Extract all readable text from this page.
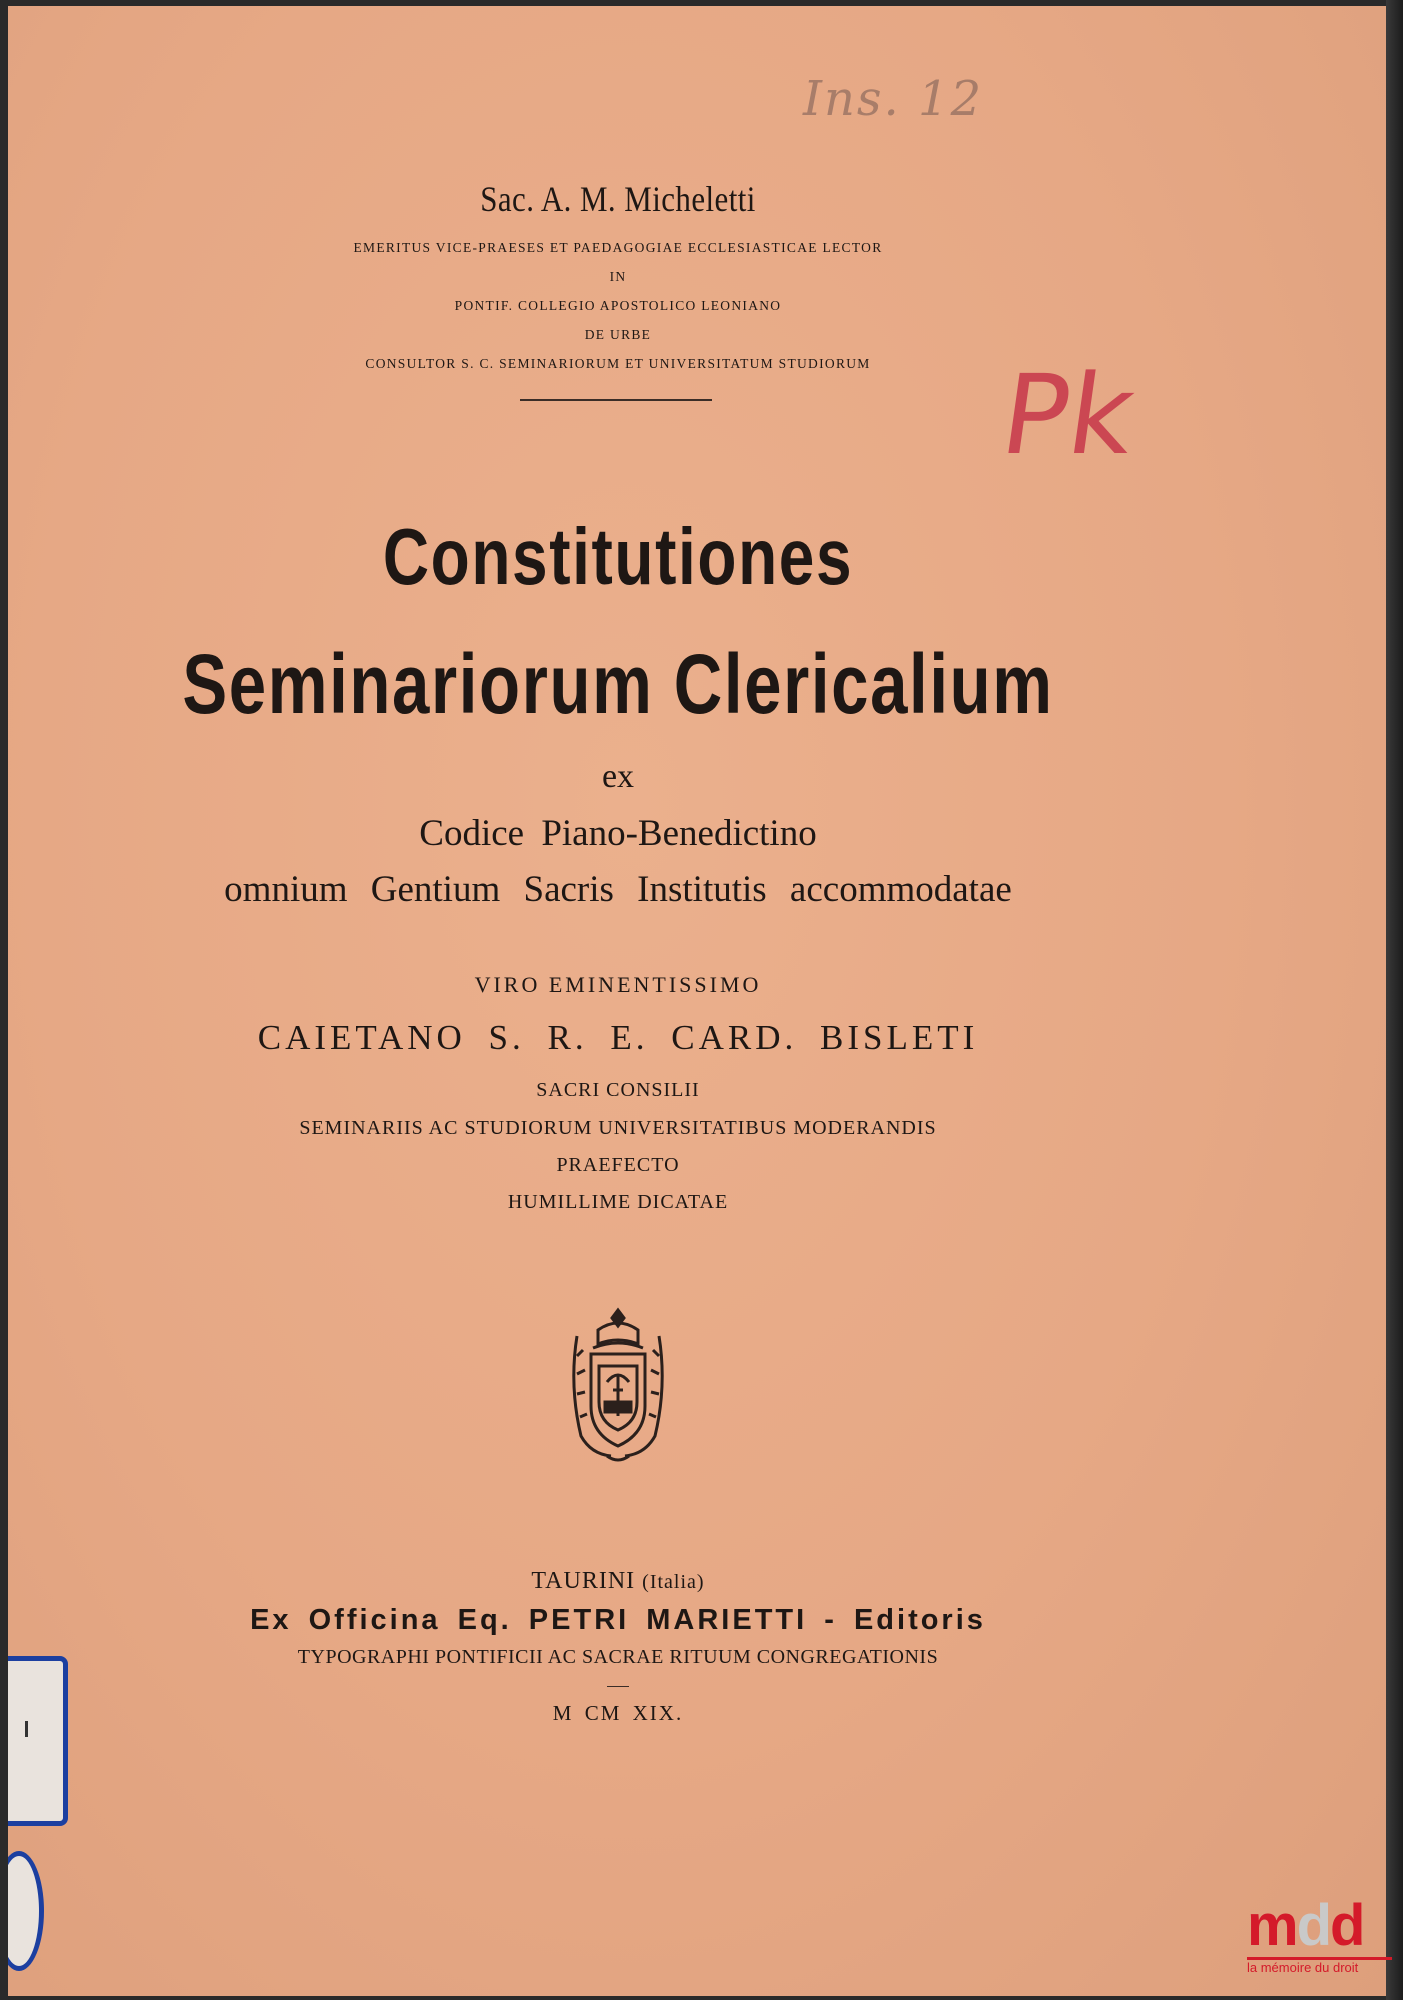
Ins. 12
Sac. A. M. Micheletti
EMERITUS VICE-PRAESES ET PAEDAGOGIAE ECCLESIASTICAE LECTOR
IN
PONTIF. COLLEGIO APOSTOLICO LEONIANO
DE URBE
CONSULTOR S. C. SEMINARIORUM ET UNIVERSITATUM STUDIORUM	Pk
Constitutiones
Seminariorum Clericalium
ex
Codice Piano-Benedictino
omnium Gentium Sacris Institutis accommodatae
VIRO EMINENTISSIMO
CAIETANO S. R. E. CARD. BISLETI
SACRI CONSILII
SEMINARIIS AC STUDIORUM UNIVERSITATIBUS MODERANDIS
PRAEFECTO
HUMILLIME DICATAE
TAURINI (Italia)
Ex Officina Eq. PETRI MARIETTI - Editoris
TYPOGRAPHI PONTIFICII AC SACRAE RITUUM CONGREGATIONIS
M CM XIX.
mdd
la mémoire du droit
